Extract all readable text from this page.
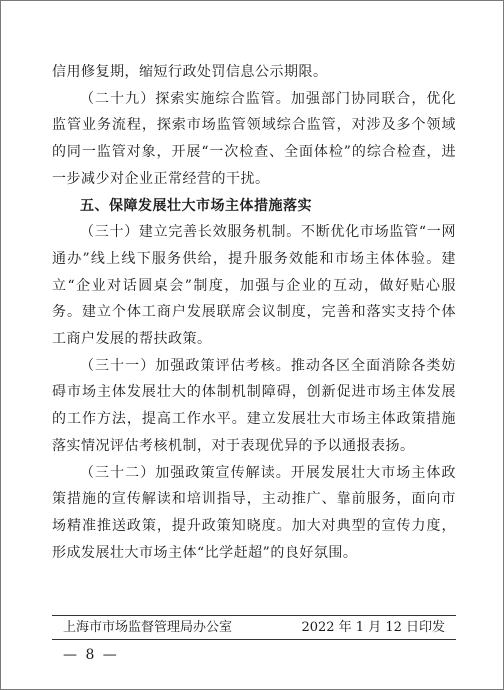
信用修复期，缩短行政处罚信息公示期限。

（二十九）探索实施综合监管。加强部门协同联合，优化监管业务流程，探索市场监管领域综合监管，对涉及多个领域的同一监管对象，开展“一次检查、全面体检”的综合检查，进一步减少对企业正常经营的干扰。

五、保障发展壮大市场主体措施落实

（三十）建立完善长效服务机制。不断优化市场监管“一网通办”线上线下服务供给，提升服务效能和市场主体体验。建立“企业对话圆桌会”制度，加强与企业的互动，做好贴心服务。建立个体工商户发展联席会议制度，完善和落实支持个体工商户发展的帮扶政策。

（三十一）加强政策评估考核。推动各区全面消除各类妨碍市场主体发展壮大的体制机制障碍，创新促进市场主体发展的工作方法，提高工作水平。建立发展壮大市场主体政策措施落实情况评估考核机制，对于表现优异的予以通报表扬。

（三十二）加强政策宣传解读。开展发展壮大市场主体政策措施的宣传解读和培训指导，主动推广、靠前服务，面向市场精准推送政策，提升政策知晓度。加大对典型的宣传力度，形成发展壮大市场主体“比学赶超”的良好氛围。

上海市市场监督管理局办公室	2022 年 1 月 12 日印发
— 8 —
